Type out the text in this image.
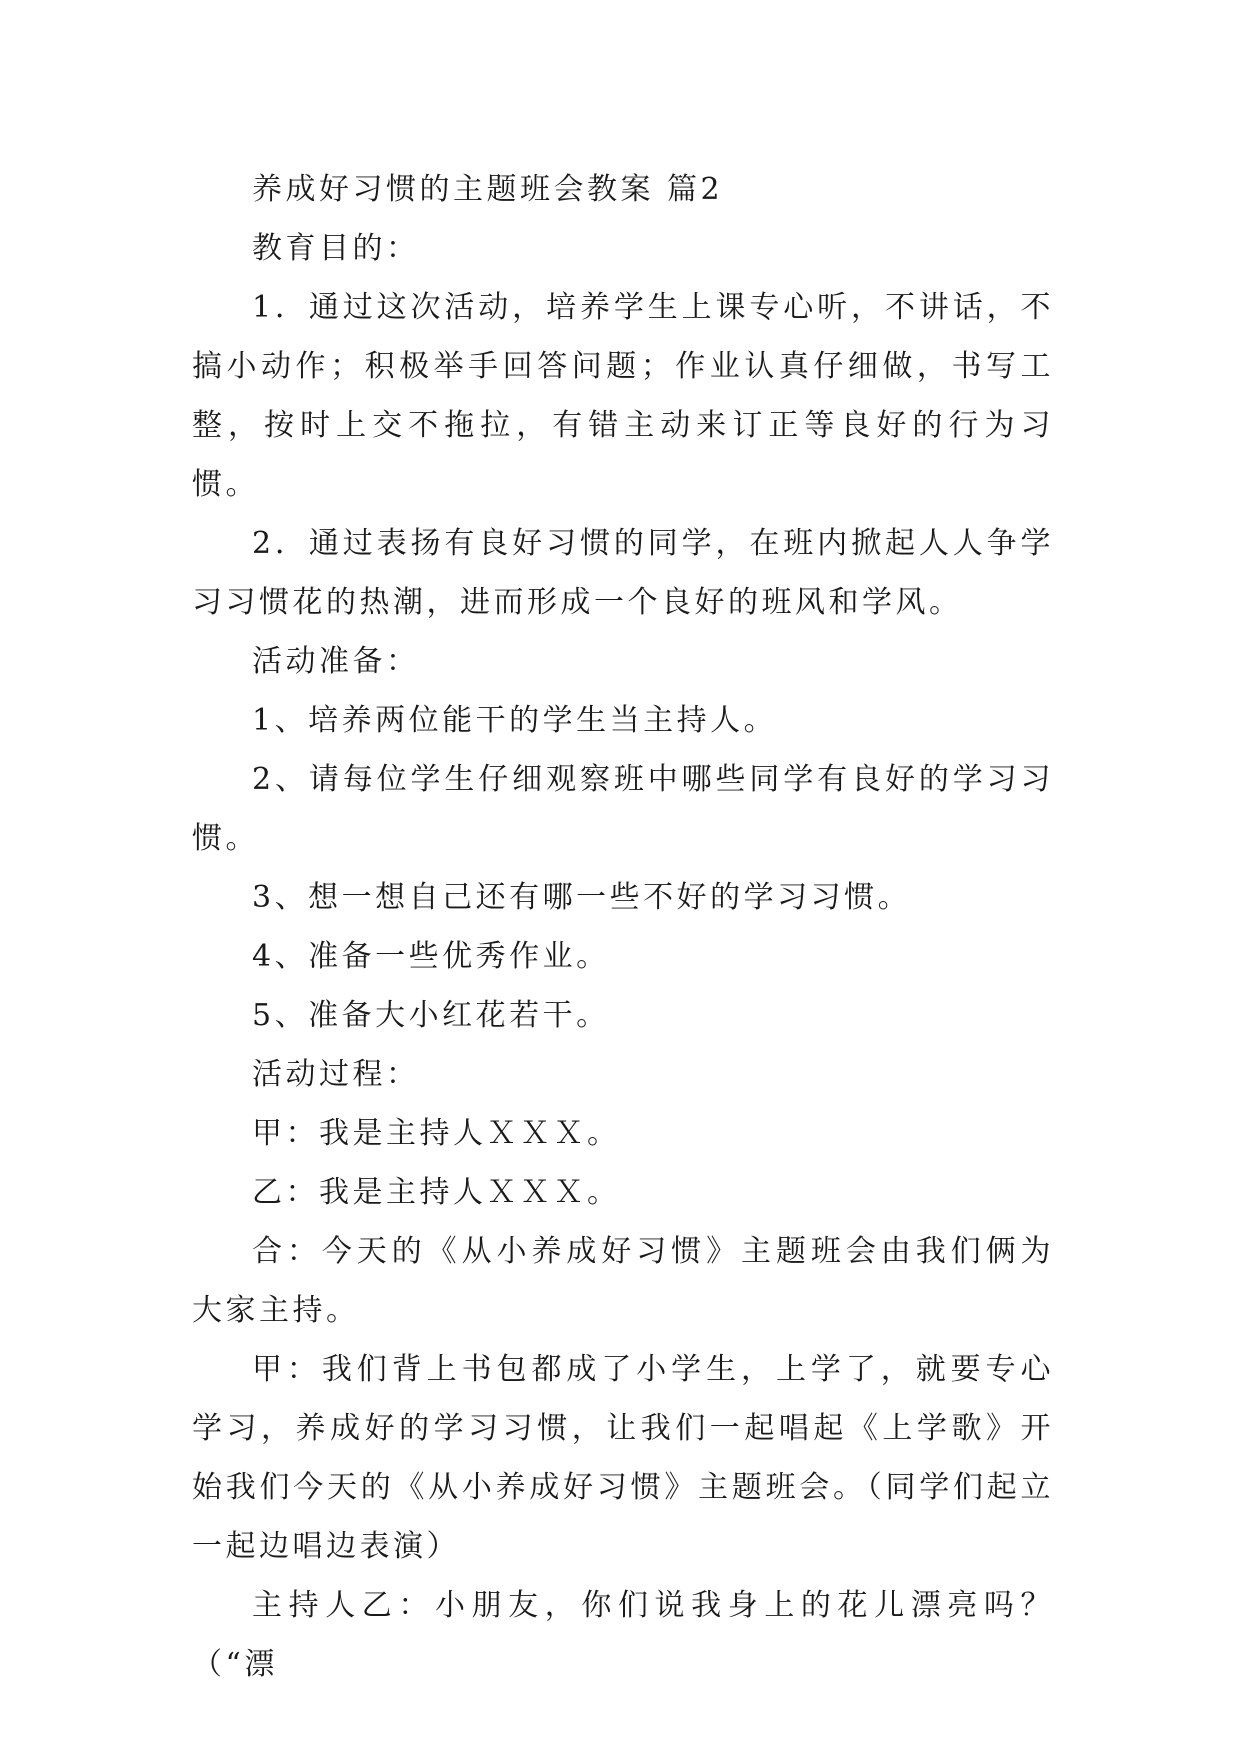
养成好习惯的主题班会教案 篇2

教育目的：

1．通过这次活动，培养学生上课专心听，不讲话，不搞小动作；积极举手回答问题；作业认真仔细做，书写工整，按时上交不拖拉，有错主动来订正等良好的行为习惯。

2．通过表扬有良好习惯的同学，在班内掀起人人争学习习惯花的热潮，进而形成一个良好的班风和学风。

活动准备：

1、培养两位能干的学生当主持人。

2、请每位学生仔细观察班中哪些同学有良好的学习习惯。

3、想一想自己还有哪一些不好的学习习惯。

4、准备一些优秀作业。

5、准备大小红花若干。

活动过程：

甲：我是主持人ＸＸＸ。

乙：我是主持人ＸＸＸ。

合：今天的《从小养成好习惯》主题班会由我们俩为大家主持。

甲：我们背上书包都成了小学生，上学了，就要专心学习，养成好的学习习惯，让我们一起唱起《上学歌》开始我们今天的《从小养成好习惯》主题班会。（同学们起立一起边唱边表演）

主持人乙：小朋友，你们说我身上的花儿漂亮吗？（“漂
